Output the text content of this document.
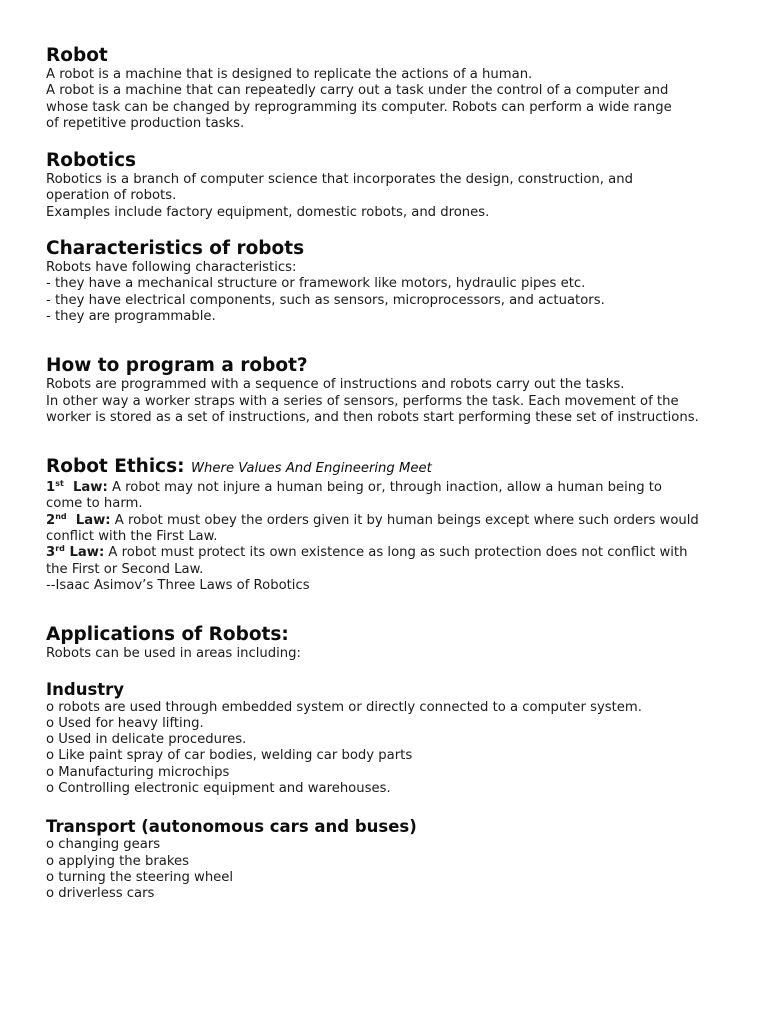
Robot

A robot is a machine that is designed to replicate the actions of a human.

A robot is a machine that can repeatedly carry out a task under the control of a computer and

whose task can be changed by reprogramming its computer. Robots can perform a wide range

of repetitive production tasks.

Robotics

Robotics is a branch of computer science that incorporates the design, construction, and

operation of robots.

Examples include factory equipment, domestic robots, and drones.

Characteristics of robots

Robots have following characteristics:

- they have a mechanical structure or framework like motors, hydraulic pipes etc.

- they have electrical components, such as sensors, microprocessors, and actuators.

- they are programmable.

How to program a robot?

Robots are programmed with a sequence of instructions and robots carry out the tasks.

In other way a worker straps with a series of sensors, performs the task. Each movement of the

worker is stored as a set of instructions, and then robots start performing these set of instructions.

Robot Ethics: Where Values And Engineering Meet

1st Law: A robot may not injure a human being or, through inaction, allow a human being to

come to harm.

2nd Law: A robot must obey the orders given it by human beings except where such orders would

conflict with the First Law.

3rd Law: A robot must protect its own existence as long as such protection does not conflict with

the First or Second Law.

--Isaac Asimov’s Three Laws of Robotics

Applications of Robots:

Robots can be used in areas including:

Industry

o robots are used through embedded system or directly connected to a computer system.

o Used for heavy lifting.

o Used in delicate procedures.

o Like paint spray of car bodies, welding car body parts

o Manufacturing microchips

o Controlling electronic equipment and warehouses.

Transport (autonomous cars and buses)

o changing gears

o applying the brakes

o turning the steering wheel

o driverless cars
